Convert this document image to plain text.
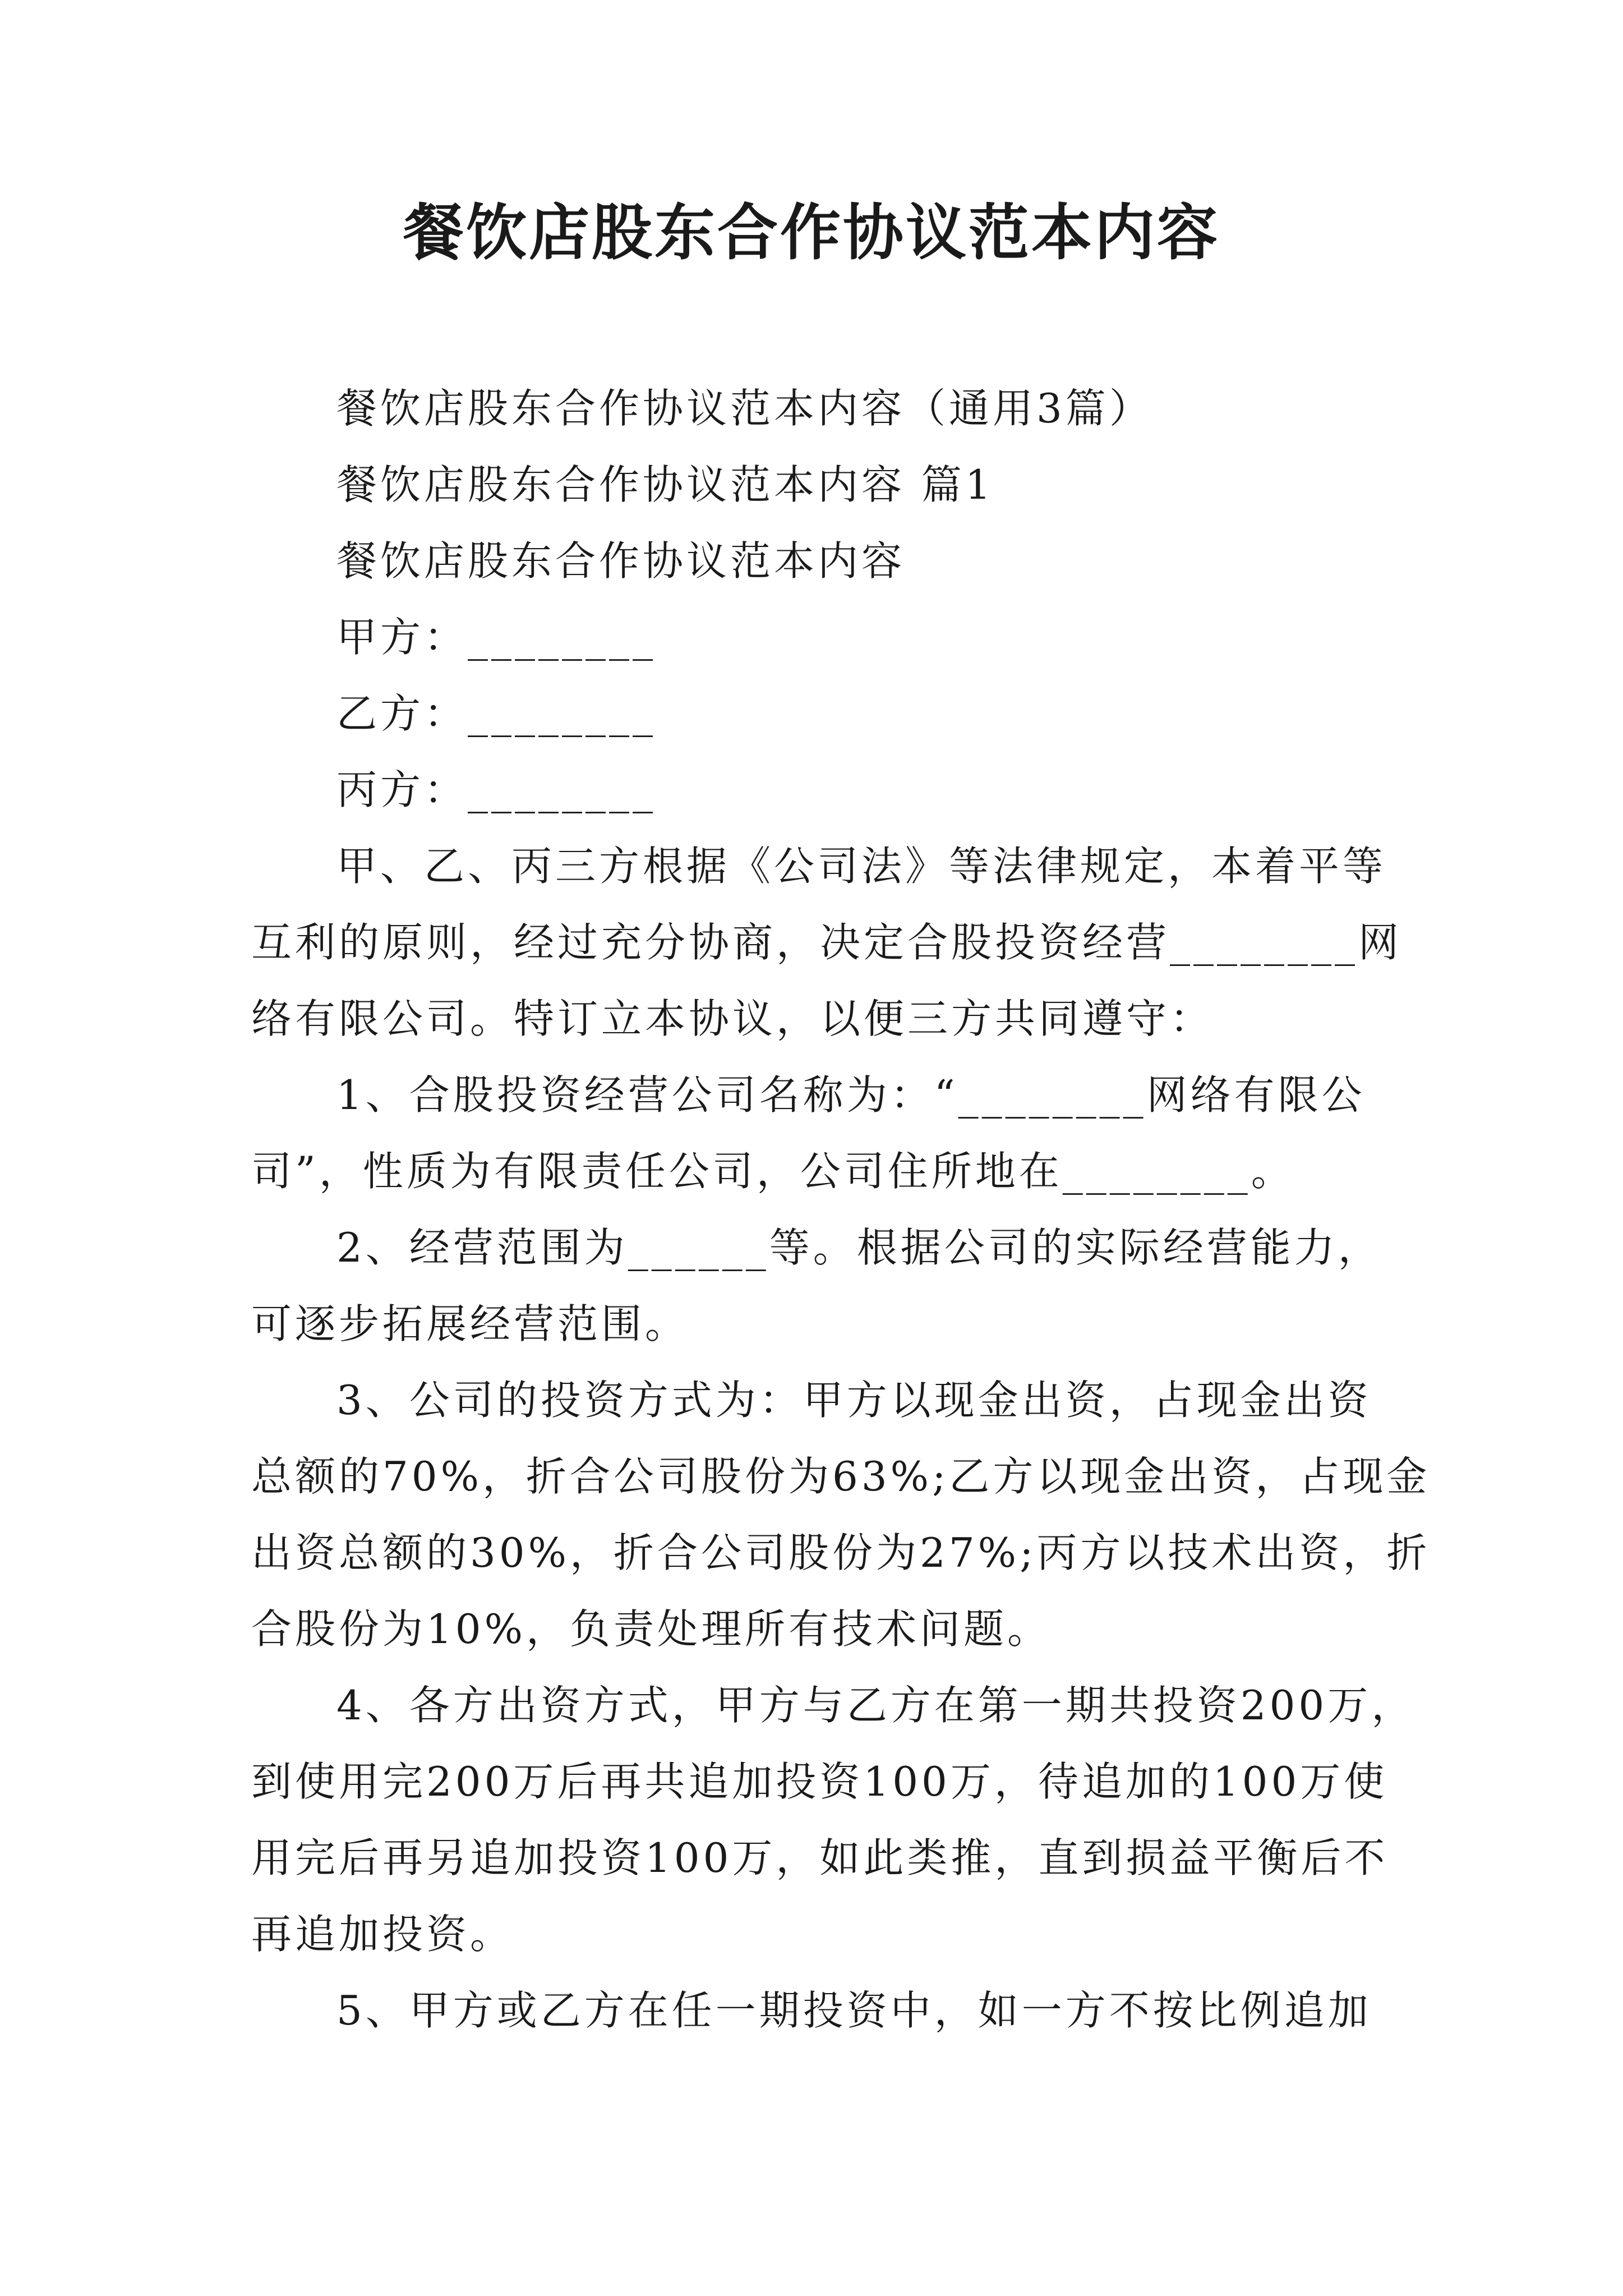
餐饮店股东合作协议范本内容
餐饮店股东合作协议范本内容（通用3篇）
餐饮店股东合作协议范本内容 篇1
餐饮店股东合作协议范本内容
甲方：________
乙方：________
丙方：________
甲、乙、丙三方根据《公司法》等法律规定，本着平等
互利的原则，经过充分协商，决定合股投资经营________网
络有限公司。特订立本协议，以便三方共同遵守：
1、合股投资经营公司名称为：“________网络有限公
司”，性质为有限责任公司，公司住所地在________。
2、经营范围为______等。根据公司的实际经营能力，
可逐步拓展经营范围。
3、公司的投资方式为：甲方以现金出资，占现金出资
总额的70%，折合公司股份为63%;乙方以现金出资，占现金
出资总额的30%，折合公司股份为27%;丙方以技术出资，折
合股份为10%，负责处理所有技术问题。
4、各方出资方式，甲方与乙方在第一期共投资200万，
到使用完200万后再共追加投资100万，待追加的100万使
用完后再另追加投资100万，如此类推，直到损益平衡后不
再追加投资。
5、甲方或乙方在任一期投资中，如一方不按比例追加
